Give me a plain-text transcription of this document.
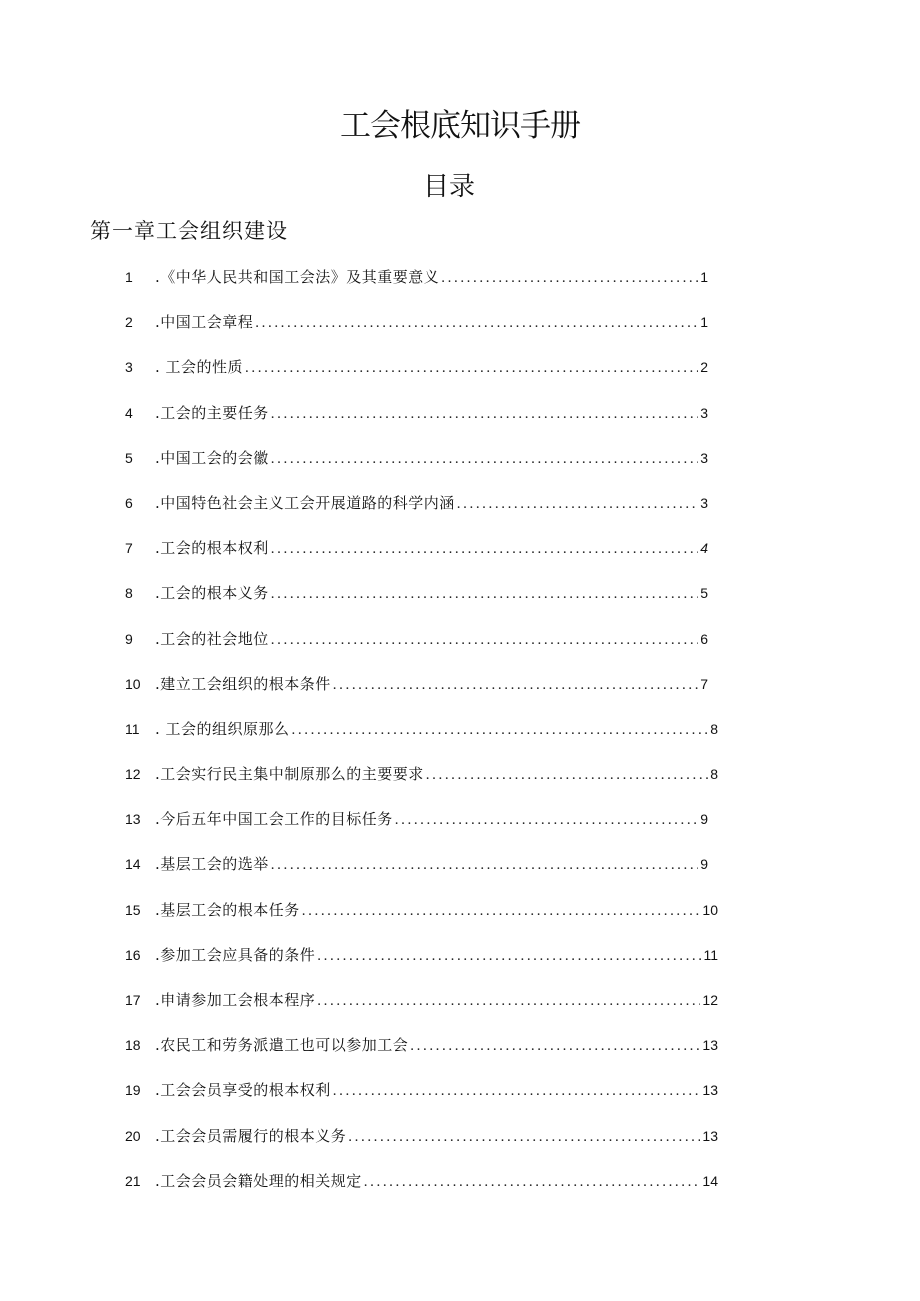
工会根底知识手册
目录
第一章工会组织建设
1	.《中华人民共和国工会法》及其重要意义 .....	1
2	.中国工会章程 .....	1
3	. 工会的性质 .....	2
4	.工会的主要任务 .....	3
5	.中国工会的会徽 .....	3
6	.中国特色社会主义工会开展道路的科学内涵 .....	3
7	.工会的根本权利 .....	4
8	.工会的根本义务 .....	5
9	.工会的社会地位 .....	6
10 .建立工会组织的根本条件 .....	7
11	. 工会的组织原那么 .....	8
12 .工会实行民主集中制原那么的主要要求 .....	8
13 .今后五年中国工会工作的目标任务 .....	9
14 .基层工会的选举 .....	9
15 .基层工会的根本任务 .....	10
16 .参加工会应具备的条件 .....	11
17 .申请参加工会根本程序 .....	12
18 .农民工和劳务派遣工也可以参加工会 .....	13
19 .工会会员享受的根本权利 .....	13
20 .工会会员需履行的根本义务 .....	13
21 .工会会员会籍处理的相关规定 .....	14
